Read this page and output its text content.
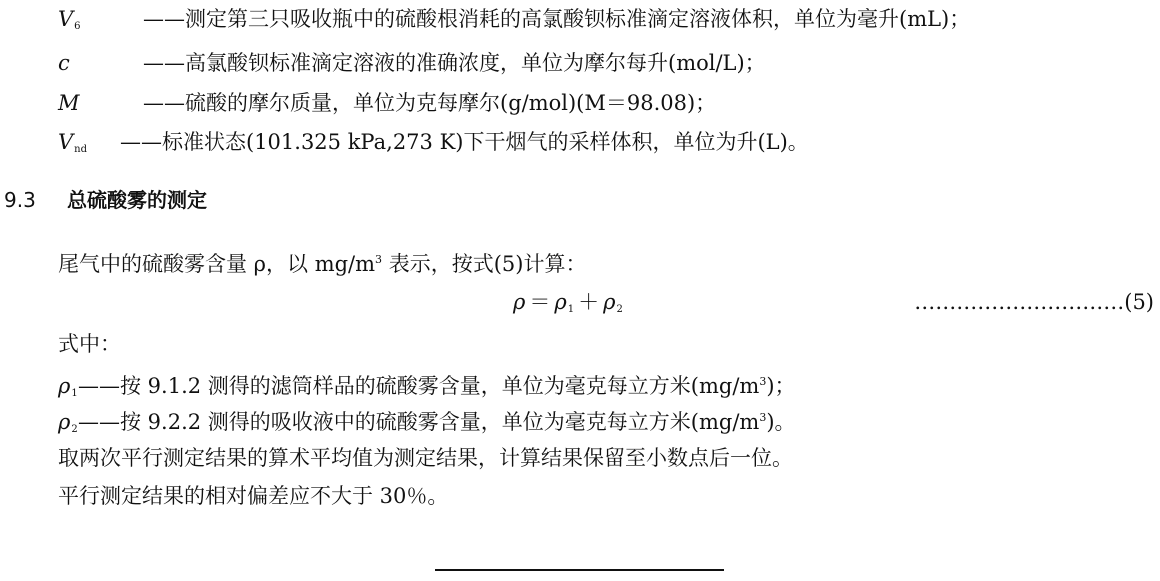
$V_6$	——测定第三只吸收瓶中的硫酸根消耗的高氯酸钡标准滴定溶液体积，单位为毫升(mL)；
c	——高氯酸钡标准滴定溶液的准确浓度，单位为摩尔每升(mol/L)；
M	——硫酸的摩尔质量，单位为克每摩尔(g/mol)(M＝98.08)；
$V_{nd}$ ——标准状态(101.325 kPa,273 K)下干烟气的采样体积，单位为升(L)。
9.3 总硫酸雾的测定
尾气中的硫酸雾含量 ρ，以 $mg/m^3$ 表示，按式(5)计算：
$\rho = \rho_1 + \rho_2$	…………………………(5)
式中：
$\rho_1——$按 9.1.2 测得的滤筒样品的硫酸雾含量，单位为毫克每立方米$(mg/m^3)$；
$\rho_2——$按 9.2.2 测得的吸收液中的硫酸雾含量，单位为毫克每立方米$(mg/m^3)$。
取两次平行测定结果的算术平均值为测定结果，计算结果保留至小数点后一位。
平行测定结果的相对偏差应不大于 30％。
